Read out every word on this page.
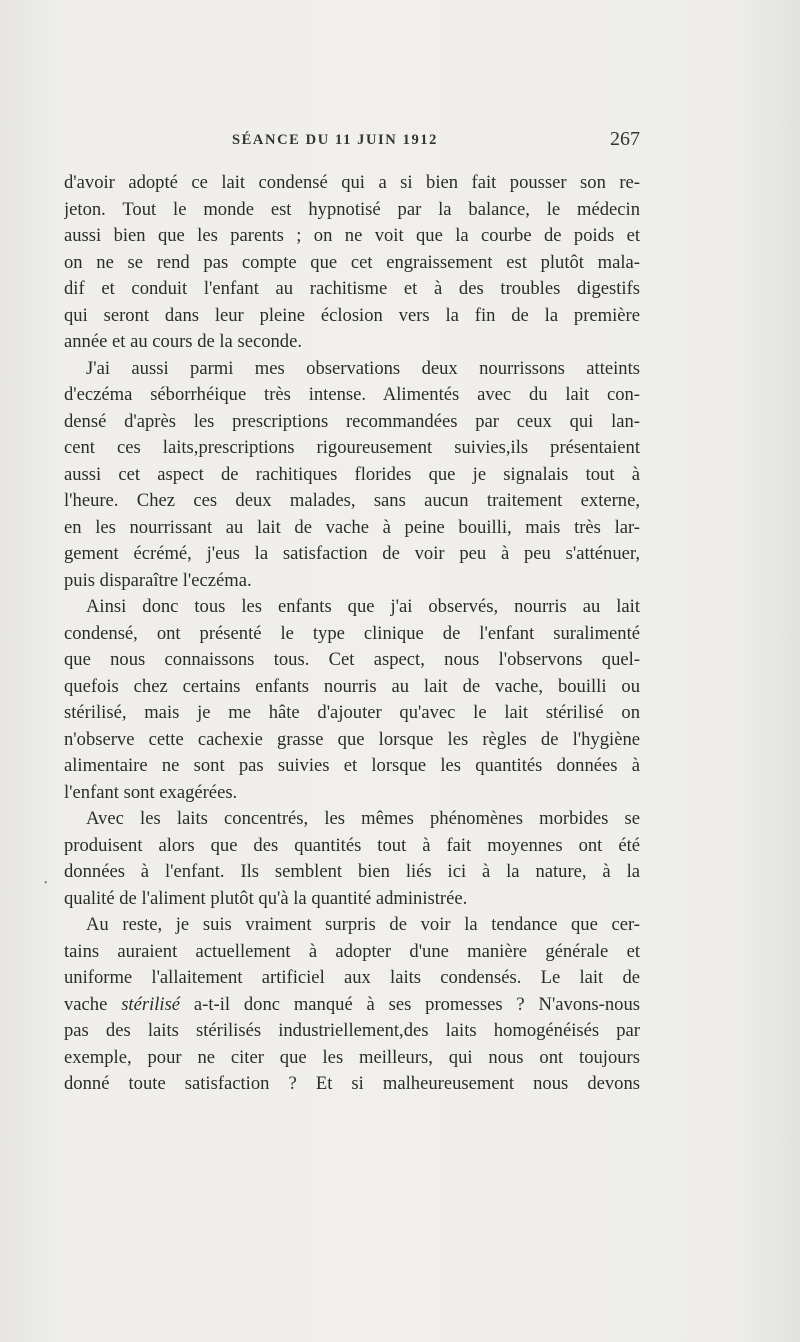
SÉANCE DU 11 JUIN 1912	267
•
d'avoir adopté ce lait condensé qui a si bien fait pousser son re-
jeton. Tout le monde est hypnotisé par la balance, le médecin
aussi bien que les parents ; on ne voit que la courbe de poids et
on ne se rend pas compte que cet engraissement est plutôt mala-
dif et conduit l'enfant au rachitisme et à des troubles digestifs
qui seront dans leur pleine éclosion vers la fin de la première
année et au cours de la seconde.
J'ai aussi parmi mes observations deux nourrissons atteints
d'eczéma séborrhéique très intense. Alimentés avec du lait con-
densé d'après les prescriptions recommandées par ceux qui lan-
cent ces laits,prescriptions rigoureusement suivies,ils présentaient
aussi cet aspect de rachitiques florides que je signalais tout à
l'heure. Chez ces deux malades, sans aucun traitement externe,
en les nourrissant au lait de vache à peine bouilli, mais très lar-
gement écrémé, j'eus la satisfaction de voir peu à peu s'atténuer,
puis disparaître l'eczéma.
Ainsi donc tous les enfants que j'ai observés, nourris au lait
condensé, ont présenté le type clinique de l'enfant suralimenté
que nous connaissons tous. Cet aspect, nous l'observons quel-
quefois chez certains enfants nourris au lait de vache, bouilli ou
stérilisé, mais je me hâte d'ajouter qu'avec le lait stérilisé on
n'observe cette cachexie grasse que lorsque les règles de l'hygiène
alimentaire ne sont pas suivies et lorsque les quantités données à
l'enfant sont exagérées.
Avec les laits concentrés, les mêmes phénomènes morbides se
produisent alors que des quantités tout à fait moyennes ont été
données à l'enfant. Ils semblent bien liés ici à la nature, à la
qualité de l'aliment plutôt qu'à la quantité administrée.
Au reste, je suis vraiment surpris de voir la tendance que cer-
tains auraient actuellement à adopter d'une manière générale et
uniforme l'allaitement artificiel aux laits condensés. Le lait de
vache stérilisé a-t-il donc manqué à ses promesses ? N'avons-nous
pas des laits stérilisés industriellement,des laits homogénéisés par
exemple, pour ne citer que les meilleurs, qui nous ont toujours
donné toute satisfaction ? Et si malheureusement nous devons
